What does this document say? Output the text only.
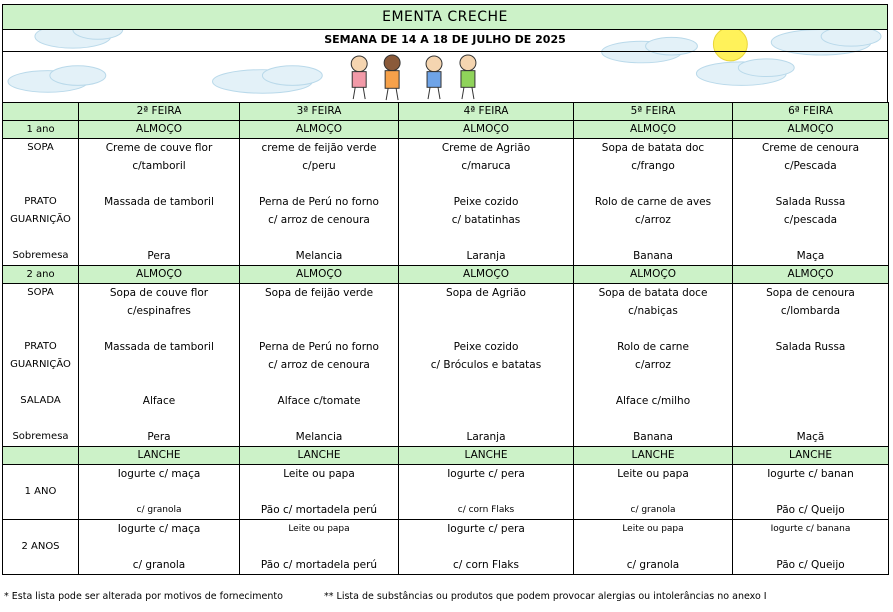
EMENTA CRECHE
SEMANA DE 14 A 18 DE JULHO DE 2025
	2ª FEIRA	3ª FEIRA	4ª FEIRA	5ª FEIRA	6ª FEIRA
1 ano	ALMOÇO	ALMOÇO	ALMOÇO	ALMOÇO	ALMOÇO
SOPA	Creme de couve flor	creme de feijão verde	Creme de Agrião	Sopa de batata doc	Creme de cenoura
	c/tamboril	c/peru	c/maruca	c/frango	c/Pescada

PRATO	Massada de tamboril	Perna de Perú no forno	Peixe cozido	Rolo de carne de aves	Salada Russa
GUARNIÇÃO		c/ arroz de cenoura	c/ batatinhas	c/arroz	c/pescada

Sobremesa	Pera	Melancia	Laranja	Banana	Maça
2 ano	ALMOÇO	ALMOÇO	ALMOÇO	ALMOÇO	ALMOÇO
SOPA	Sopa de couve flor	Sopa de feijão verde	Sopa de Agrião	Sopa de batata doce	Sopa de cenoura
	c/espinafres			c/nabiças	c/lombarda

PRATO	Massada de tamboril	Perna de Perú no forno	Peixe cozido	Rolo de carne	Salada Russa
GUARNIÇÃO		c/ arroz de cenoura	c/ Bróculos e batatas	c/arroz	

SALADA	Alface	Alface c/tomate		Alface c/milho	

Sobremesa	Pera	Melancia	Laranja	Banana	Maçã
	LANCHE	LANCHE	LANCHE	LANCHE	LANCHE
1 ANO	Iogurte c/ maça	Leite ou papa	Iogurte c/ pera	Leite ou papa	Iogurte c/ banan

	c/ granola	Pão c/ mortadela perú	c/ corn Flaks	c/ granola	Pão c/ Queijo
2 ANOS	Iogurte c/ maça	Leite ou papa	Iogurte c/ pera	Leite ou papa	Iogurte c/ banana

	c/ granola	Pão c/ mortadela perú	c/ corn Flaks	c/ granola	Pão c/ Queijo
* Esta lista pode ser alterada por motivos de fornecimento	** Lista de substâncias ou produtos que podem provocar alergias ou intolerâncias no anexo I
